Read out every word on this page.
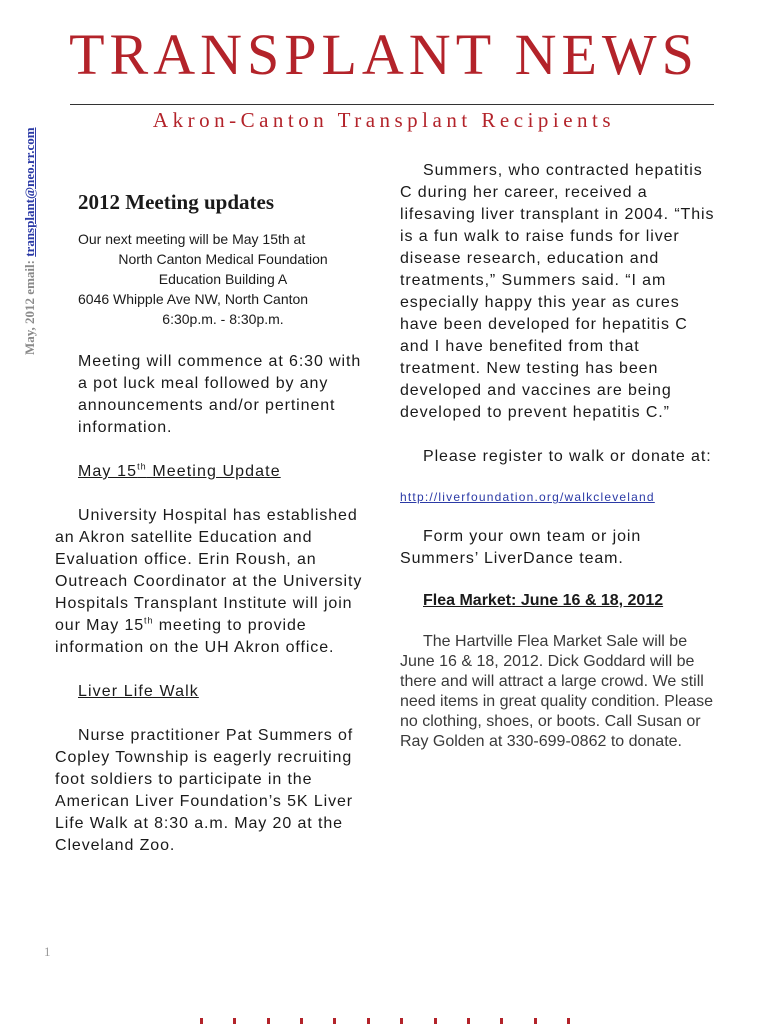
TRANSPLANT NEWS
Akron-Canton Transplant Recipients
May, 2012 email: transplant@neo.rr.com 2012 Meeting updates
Our next meeting will be May 15th at
North Canton Medical Foundation
Education Building A
6046 Whipple Ave NW, North Canton
6:30p.m. - 8:30p.m.

Meeting will commence at 6:30 with a pot luck meal followed by any announcements and/or pertinent information.

May 15th Meeting Update

University Hospital has established an Akron satellite Education and Evaluation office. Erin Roush, an Outreach Coordinator at the University Hospitals Transplant Institute will join our May 15th meeting to provide information on the UH Akron office.

Liver Life Walk

Nurse practitioner Pat Summers of Copley Township is eagerly recruiting foot soldiers to participate in the American Liver Foundation’s 5K Liver Life Walk at 8:30 a.m. May 20 at the Cleveland Zoo.

Summers, who contracted hepatitis C during her career, received a lifesaving liver transplant in 2004. “This is a fun walk to raise funds for liver disease research, education and treatments,” Summers said. “I am especially happy this year as cures have been developed for hepatitis C and I have benefited from that treatment. New testing has been developed and vaccines are being developed to prevent hepatitis C.”

Please register to walk or donate at:

http://liverfoundation.org/walkcleveland

Form your own team or join Summers’ LiverDance team.

Flea Market: June 16 & 18, 2012

The Hartville Flea Market Sale will be June 16 & 18, 2012. Dick Goddard will be there and will attract a large crowd. We still need items in great quality condition. Please no clothing, shoes, or boots. Call Susan or Ray Golden at 330-699-0862 to donate.

1
